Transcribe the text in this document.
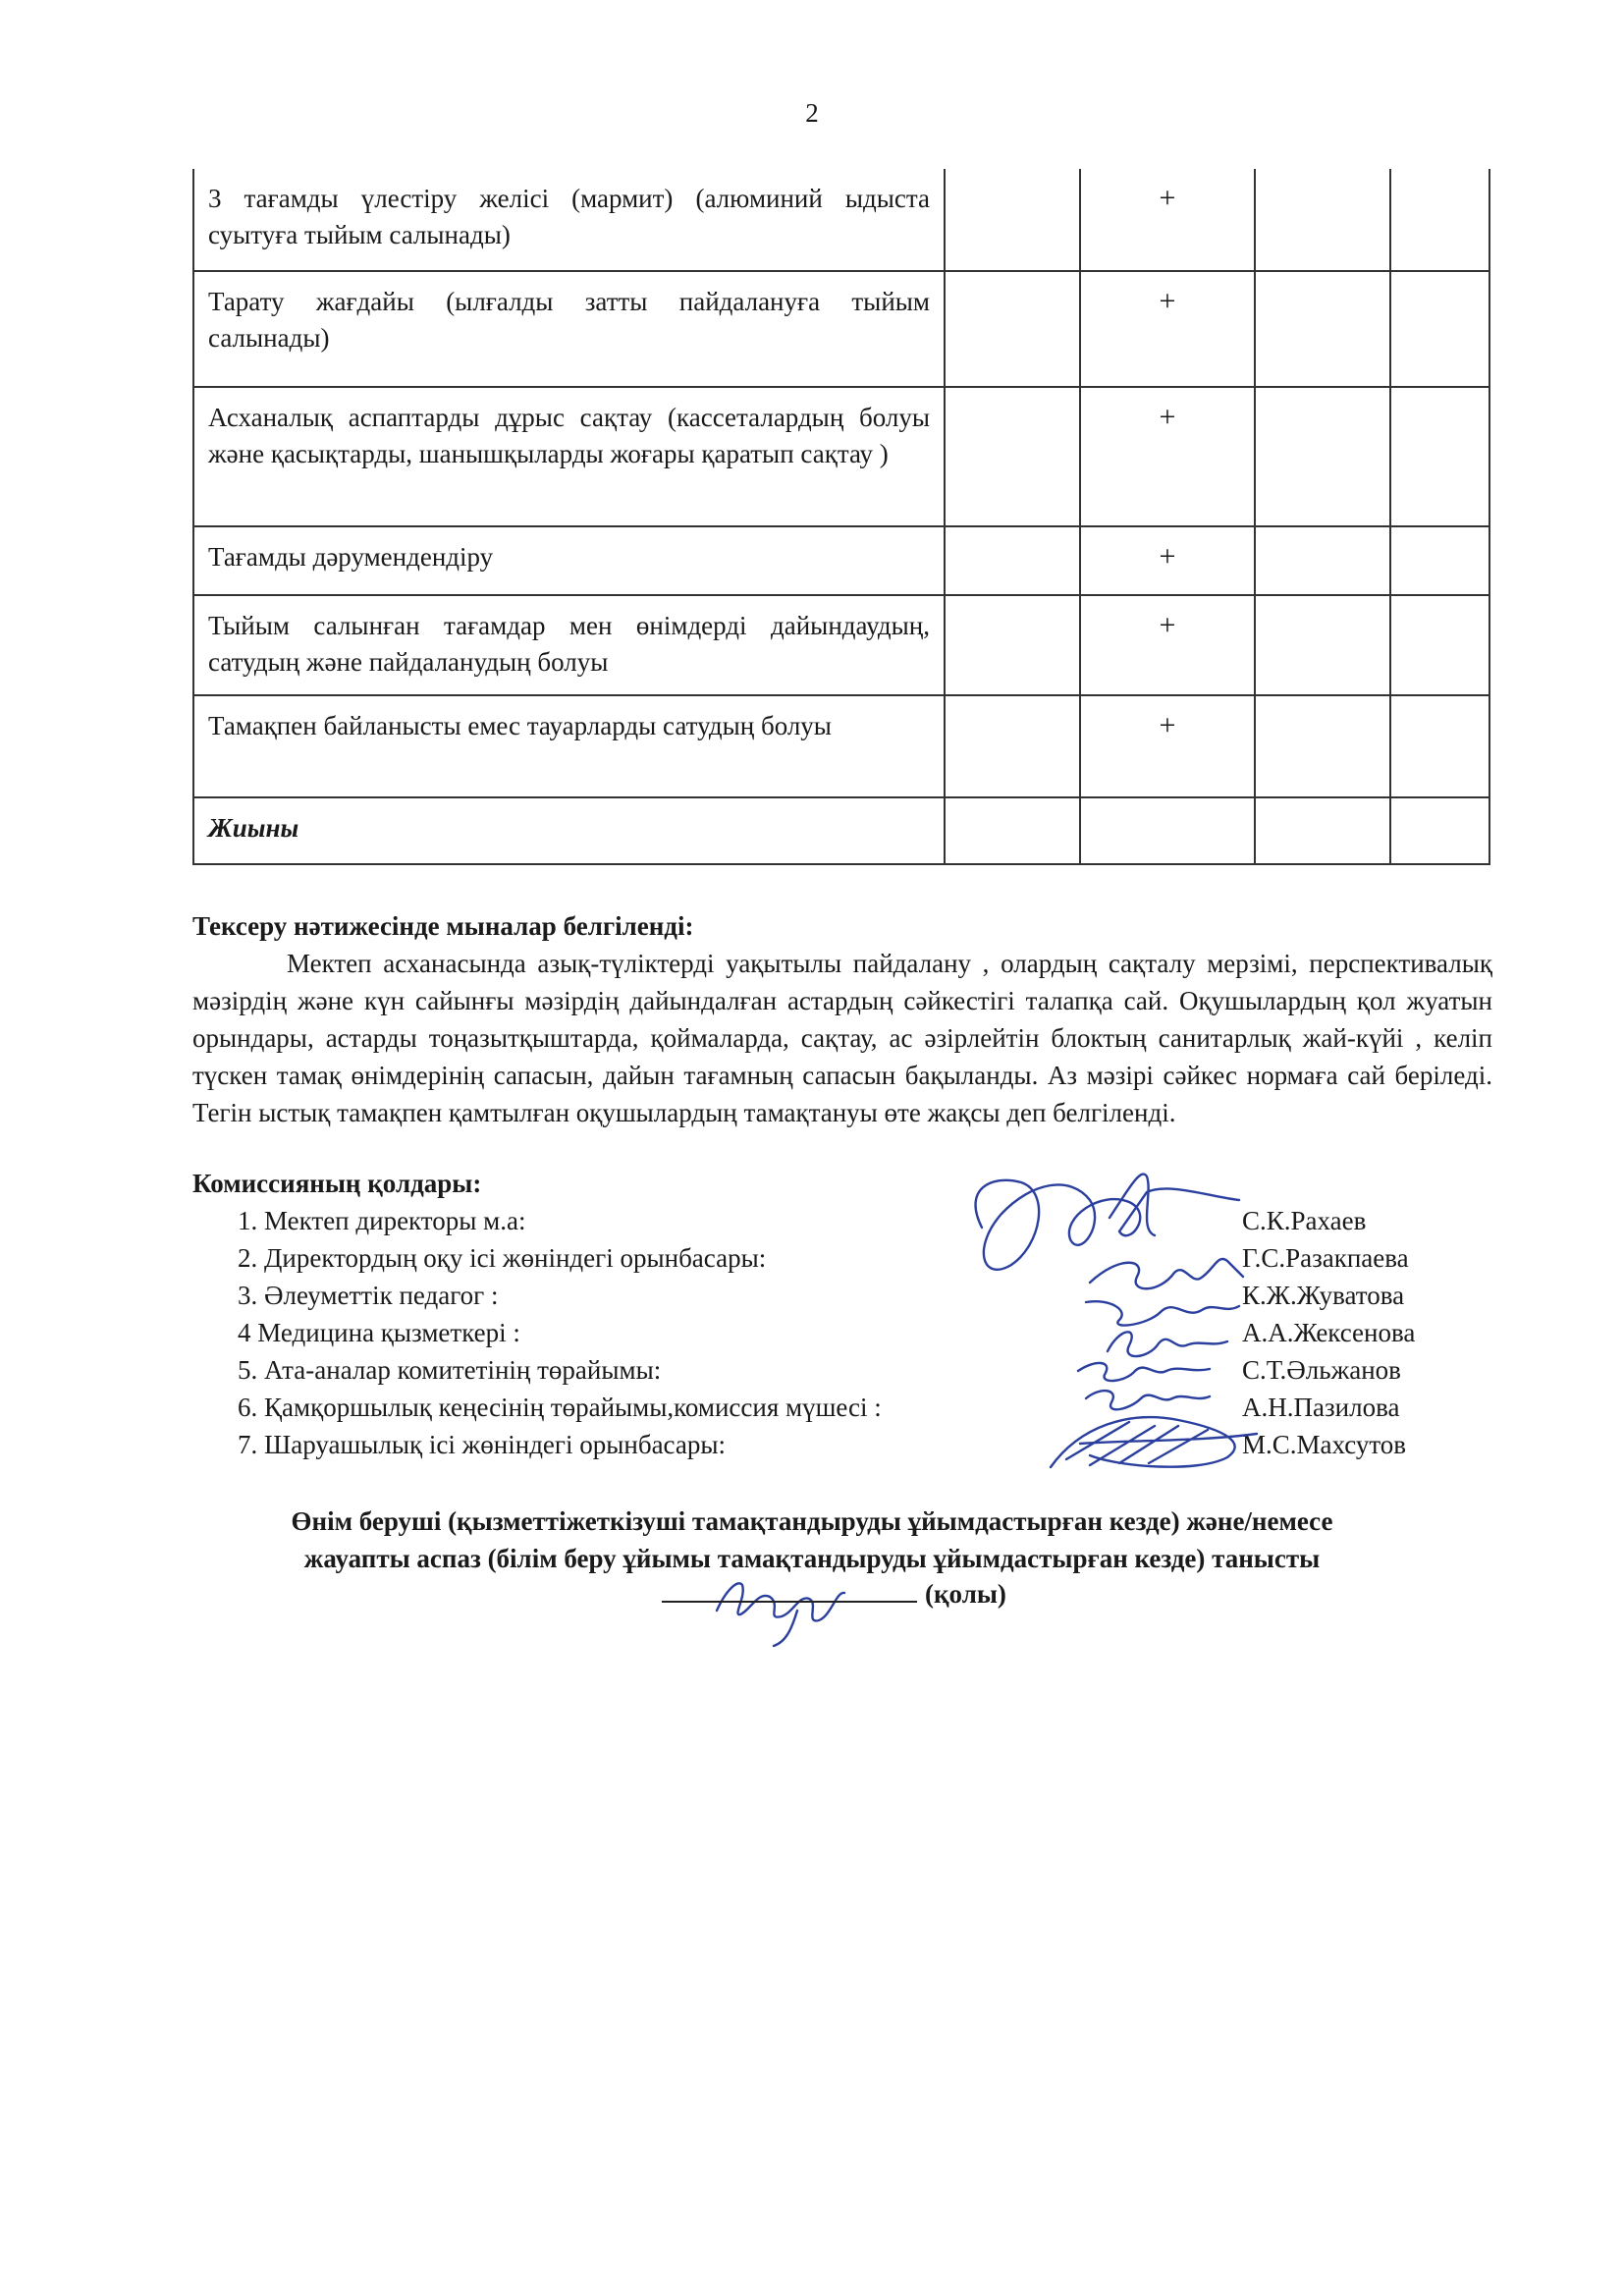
2
3 тағамды үлестіру желісі (мармит) (алюминий ыдыста суытуға тыйым салынады)		+		
Тарату жағдайы (ылғалды затты пайдалануға тыйым салынады)		+		
Асханалық аспаптарды дұрыс сақтау (кассеталардың болуы және қасықтарды, шанышқыларды жоғары қаратып сақтау )		+		
Тағамды дәрумендендіру		+		
Тыйым салынған тағамдар мен өнімдерді дайындаудың, сатудың және пайдаланудың болуы		+		
Тамақпен байланысты емес тауарларды сатудың болуы		+		
Жиыны				
Тексеру нәтижесінде мыналар белгіленді:

Мектеп асханасында азық-түліктерді уақытылы пайдалану , олардың сақталу мерзімі, перспективалық мәзірдің және күн сайынғы мәзірдің дайындалған астардың сәйкестігі талапқа сай. Оқушылардың қол жуатын орындары, астарды тоңазытқыштарда, қоймаларда, сақтау, ас әзірлейтін блоктың санитарлық жай-күйі , келіп түскен тамақ өнімдерінің сапасын, дайын тағамның сапасын бақыланды. Аз мәзірі сәйкес нормаға сай беріледі. Тегін ыстық тамақпен қамтылған оқушылардың тамақтануы өте жақсы деп белгіленді.

Комиссияның қолдары:
1. Мектеп директоры м.а:	С.К.Рахаев
2. Директордың оқу ісі жөніндегі орынбасары:	Г.С.Разакпаева
3. Әлеуметтік педагог :	К.Ж.Жуватова
4 Медицина қызметкері :	А.А.Жексенова
5. Ата-аналар комитетінің төрайымы:	С.Т.Әльжанов
6. Қамқоршылық кеңесінің төрайымы,комиссия мүшесі :	А.Н.Пазилова
7. Шаруашылық ісі жөніндегі орынбасары:	М.С.Махсутов
Өнім беруші (қызметтіжеткізуші тамақтандыруды ұйымдастырған кезде) және/немесе
жауапты аспаз (білім беру ұйымы тамақтандыруды ұйымдастырған кезде) танысты
(қолы)
